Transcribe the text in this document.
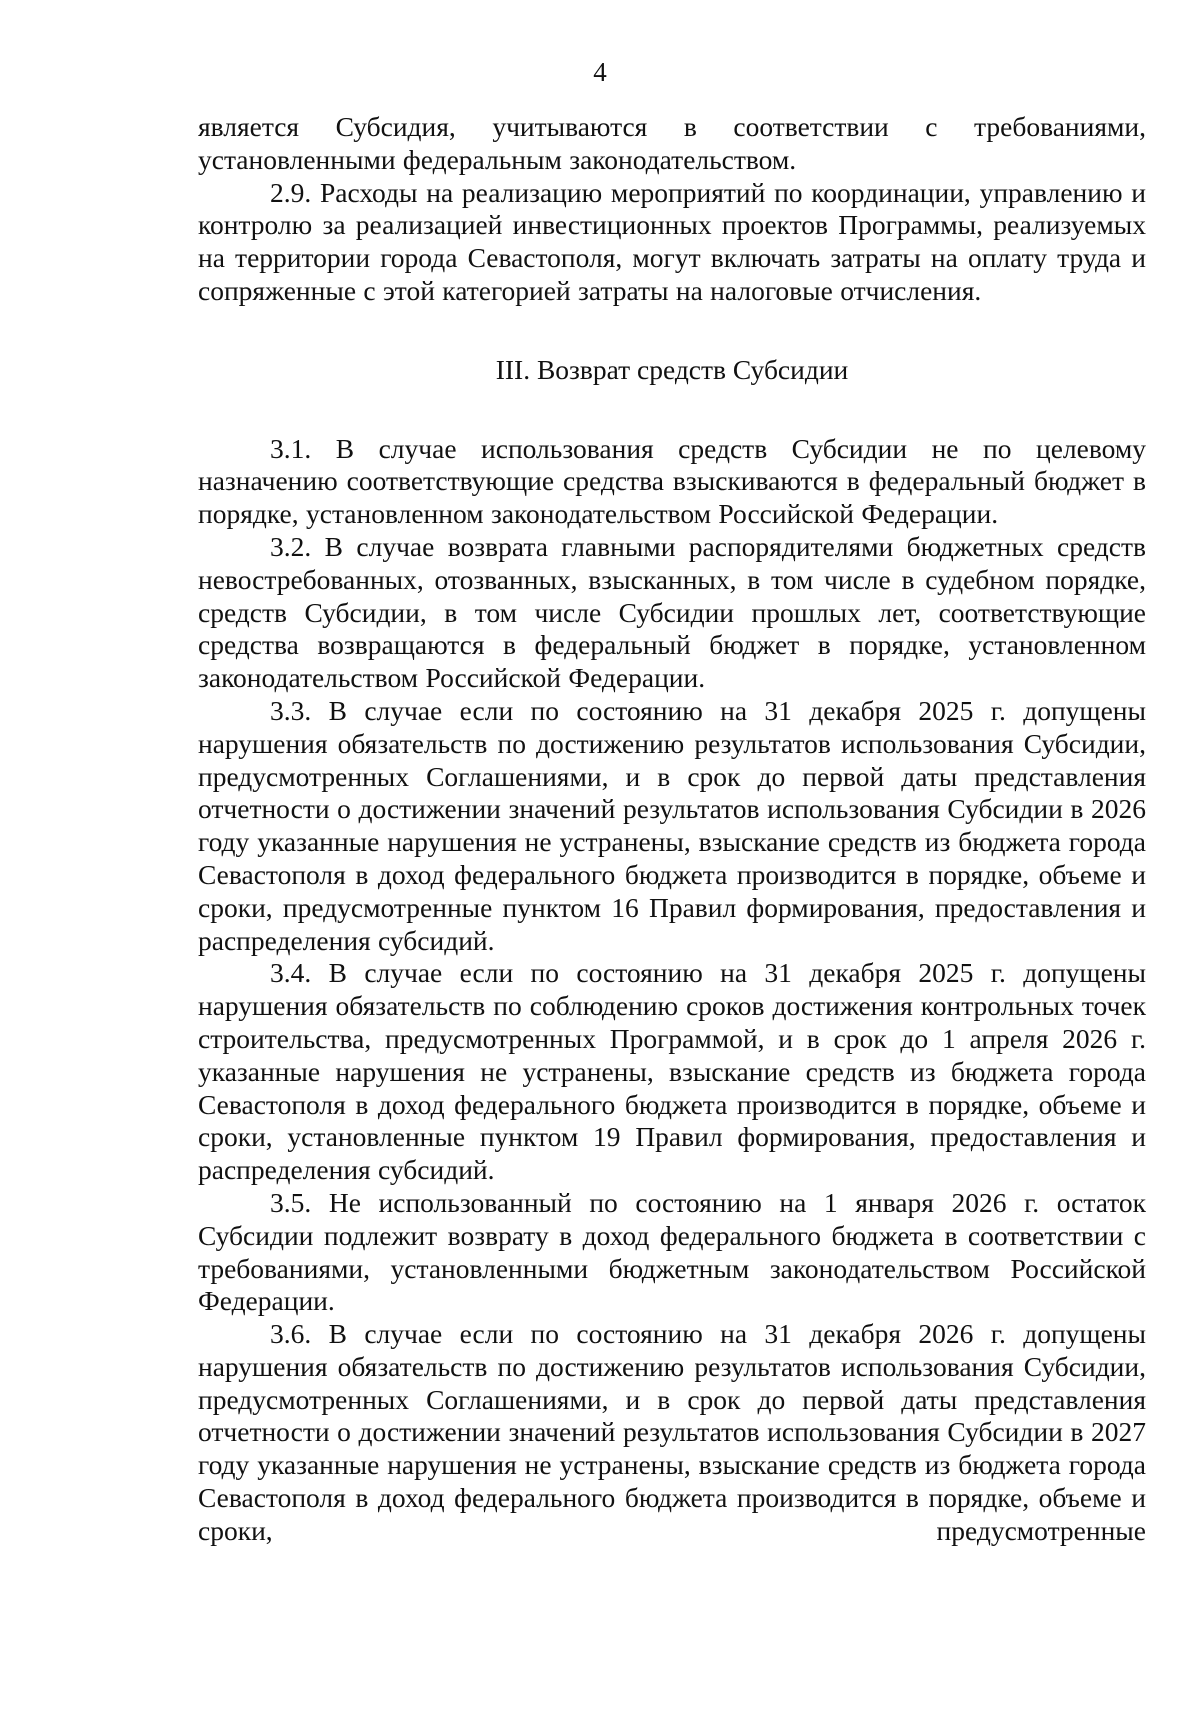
4

является Субсидия, учитываются в соответствии с требованиями, установленными федеральным законодательством.

2.9. Расходы на реализацию мероприятий по координации, управлению и контролю за реализацией инвестиционных проектов Программы, реализуемых на территории города Севастополя, могут включать затраты на оплату труда и сопряженные с этой категорией затраты на налоговые отчисления.

III. Возврат средств Субсидии

3.1. В случае использования средств Субсидии не по целевому назначению соответствующие средства взыскиваются в федеральный бюджет в порядке, установленном законодательством Российской Федерации.

3.2. В случае возврата главными распорядителями бюджетных средств невостребованных, отозванных, взысканных, в том числе в судебном порядке, средств Субсидии, в том числе Субсидии прошлых лет, соответствующие средства возвращаются в федеральный бюджет в порядке, установленном законодательством Российской Федерации.

3.3. В случае если по состоянию на 31 декабря 2025 г. допущены нарушения обязательств по достижению результатов использования Субсидии, предусмотренных Соглашениями, и в срок до первой даты представления отчетности о достижении значений результатов использования Субсидии в 2026 году указанные нарушения не устранены, взыскание средств из бюджета города Севастополя в доход федерального бюджета производится в порядке, объеме и сроки, предусмотренные пунктом 16 Правил формирования, предоставления и распределения субсидий.

3.4. В случае если по состоянию на 31 декабря 2025 г. допущены нарушения обязательств по соблюдению сроков достижения контрольных точек строительства, предусмотренных Программой, и в срок до 1 апреля 2026 г. указанные нарушения не устранены, взыскание средств из бюджета города Севастополя в доход федерального бюджета производится в порядке, объеме и сроки, установленные пунктом 19 Правил формирования, предоставления и распределения субсидий.

3.5. Не использованный по состоянию на 1 января 2026 г. остаток Субсидии подлежит возврату в доход федерального бюджета в соответствии с требованиями, установленными бюджетным законодательством Российской Федерации.

3.6. В случае если по состоянию на 31 декабря 2026 г. допущены нарушения обязательств по достижению результатов использования Субсидии, предусмотренных Соглашениями, и в срок до первой даты представления отчетности о достижении значений результатов использования Субсидии в 2027 году указанные нарушения не устранены, взыскание средств из бюджета города Севастополя в доход федерального бюджета производится в порядке, объеме и сроки, предусмотренные
